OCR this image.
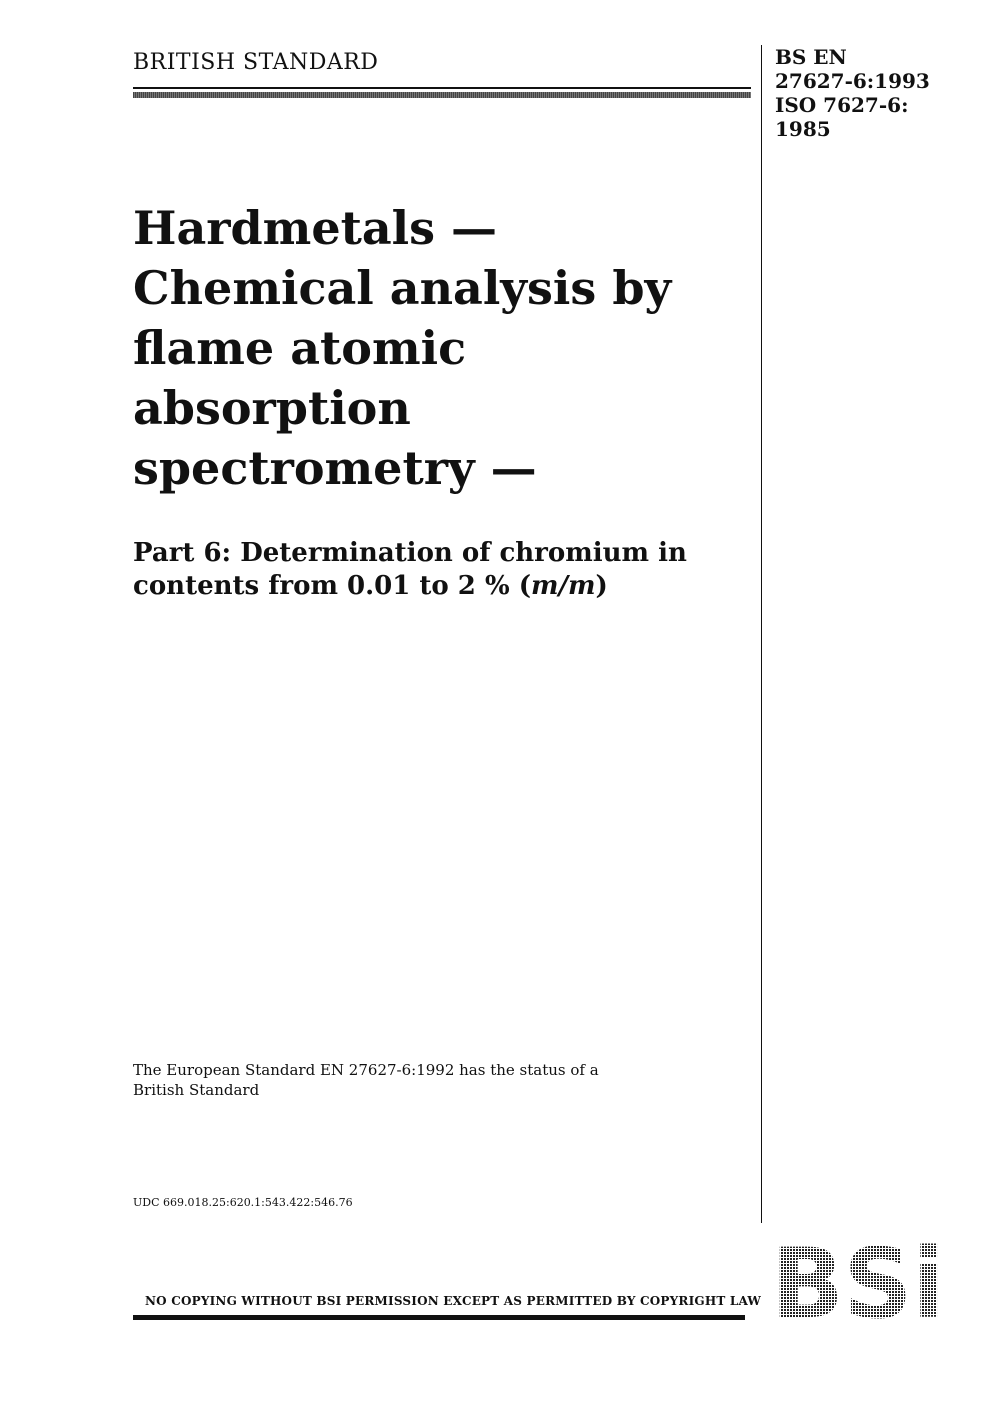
BRITISH STANDARD	BS EN
27627-6:1993
ISO 7627-6:
1985
Hardmetals —
Chemical analysis by
flame atomic
absorption
spectrometry —
Part 6: Determination of chromium in
contents from 0.01 to 2 % (m/m)
The European Standard EN 27627-6:1992 has the status of a
British Standard
UDC 669.018.25:620.1:543.422:546.76
NO COPYING WITHOUT BSI PERMISSION EXCEPT AS PERMITTED BY COPYRIGHT LAW BSi
